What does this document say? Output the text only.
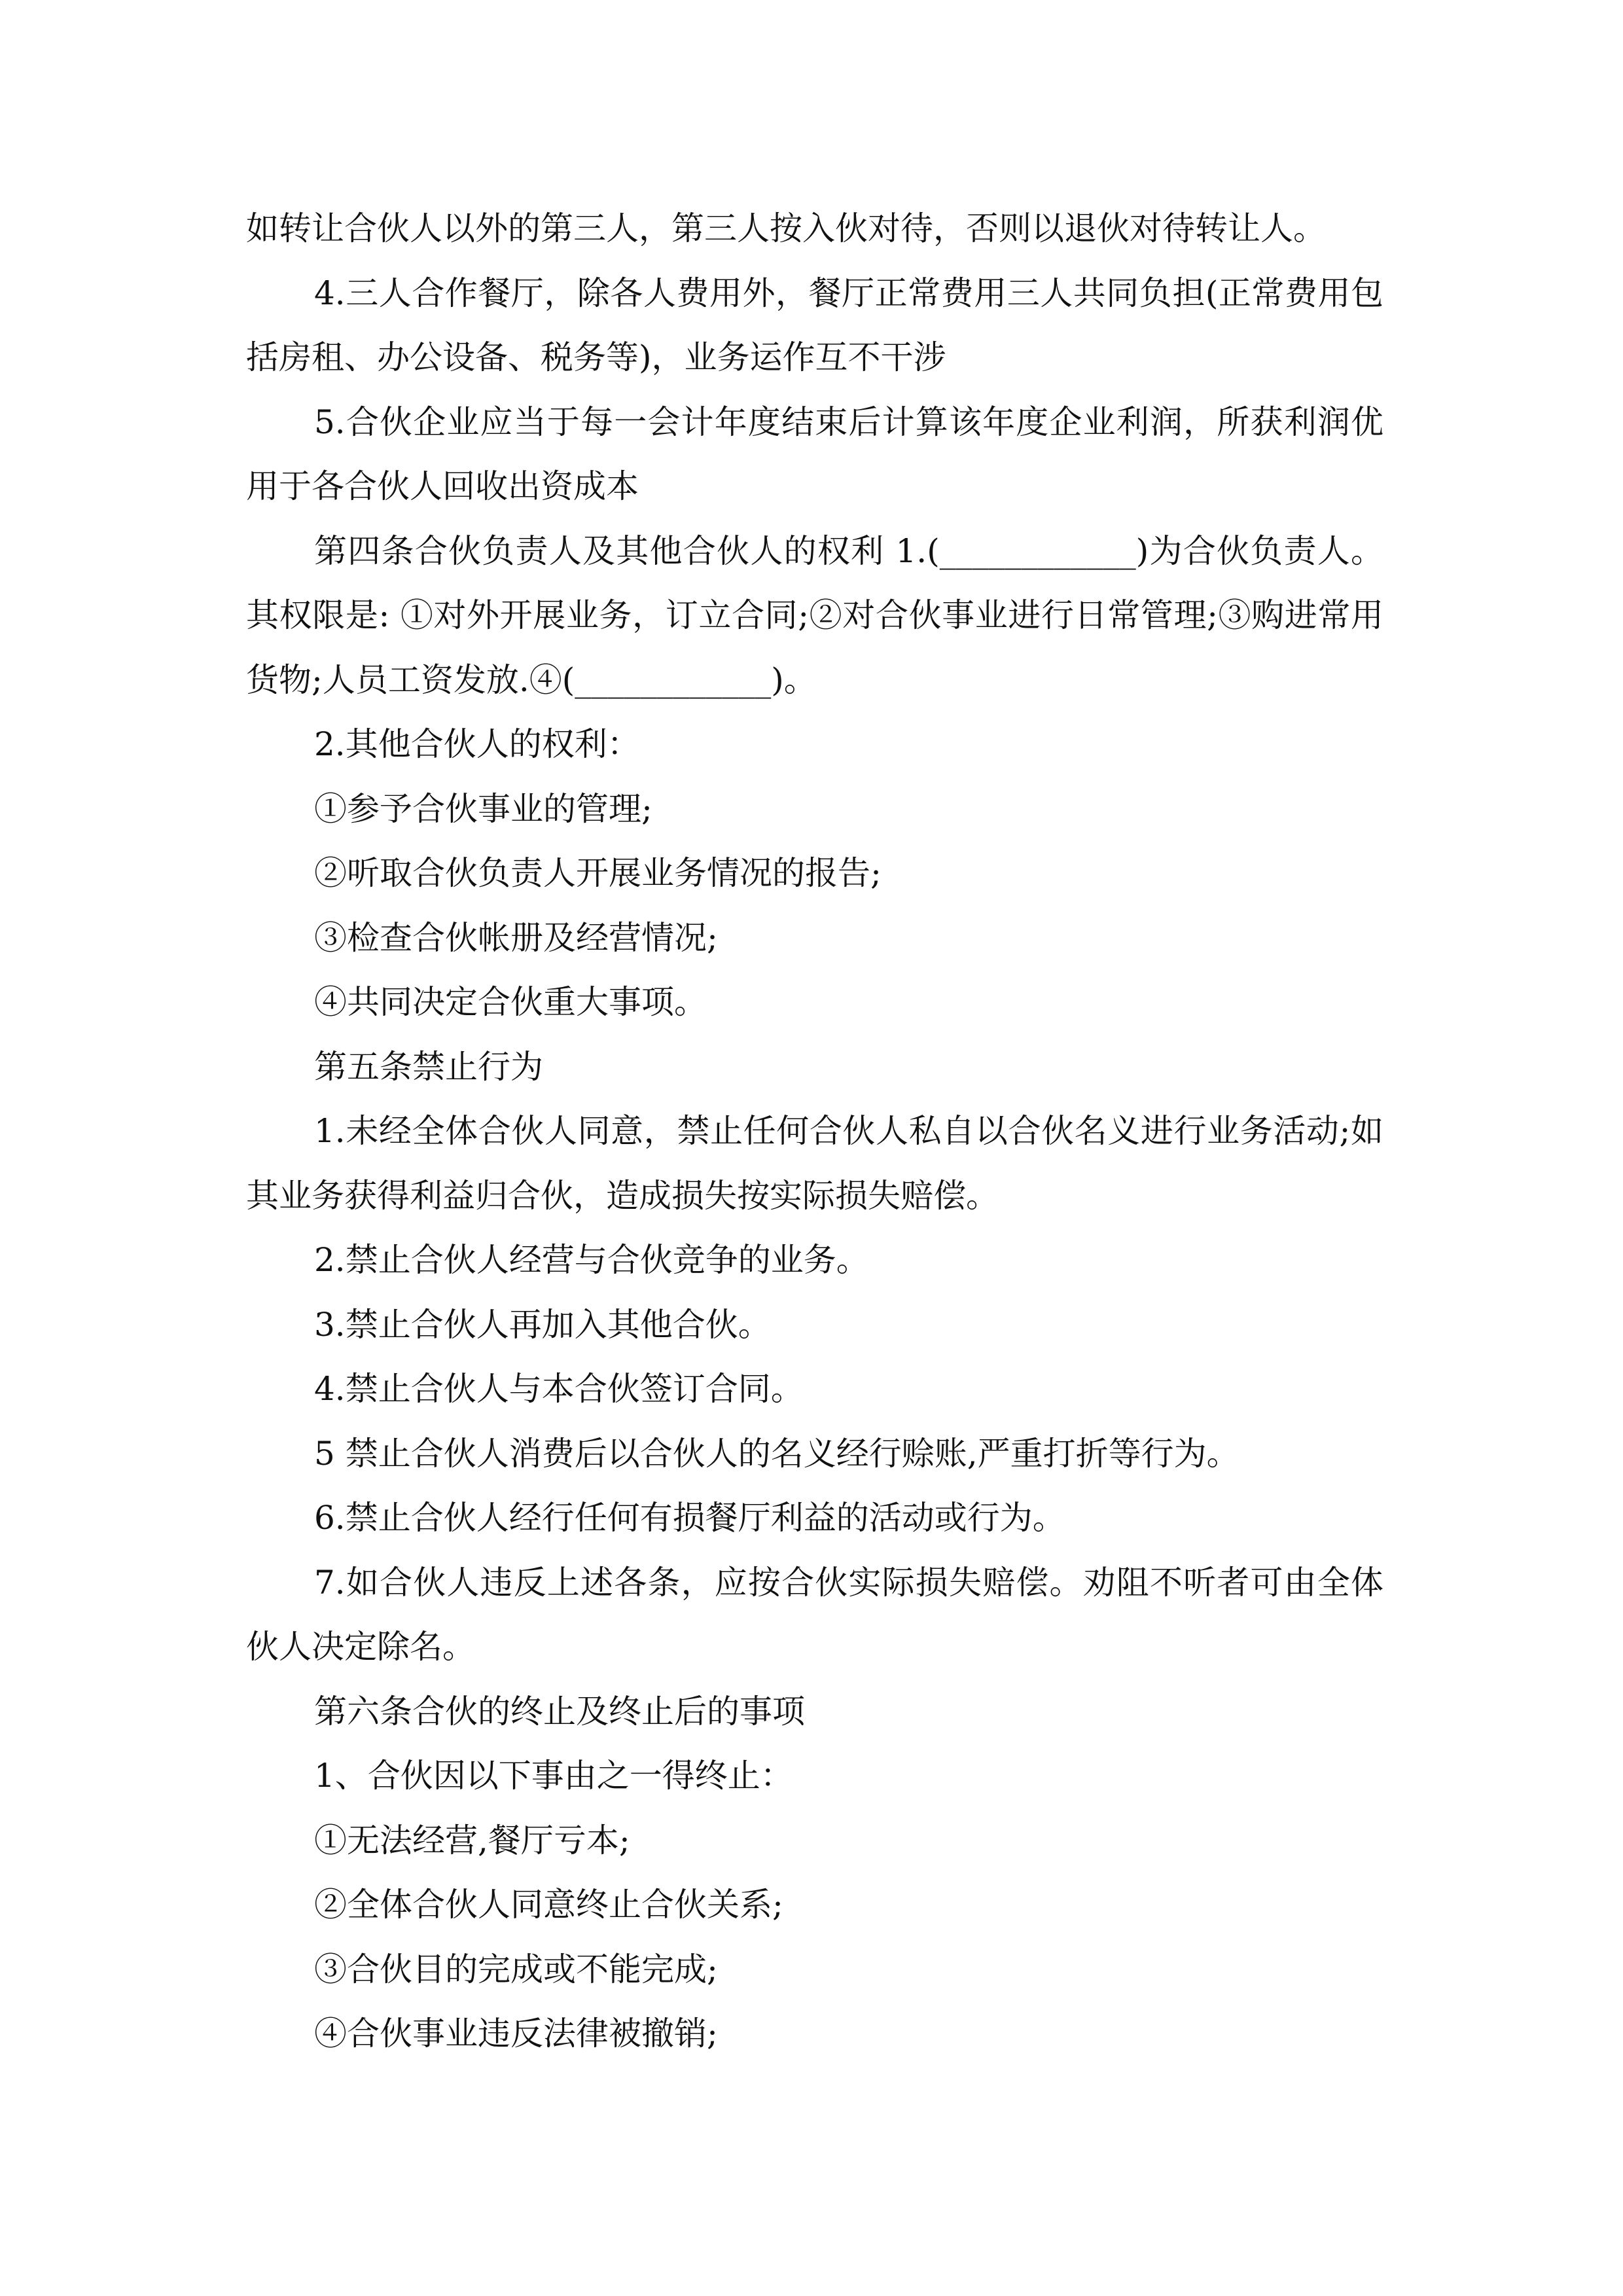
如转让合伙人以外的第三人，第三人按入伙对待，否则以退伙对待转让人。

4.三人合作餐厅，除各人费用外，餐厅正常费用三人共同负担(正常费用包

括房租、办公设备、税务等)，业务运作互不干涉

5.合伙企业应当于每一会计年度结束后计算该年度企业利润，所获利润优

用于各合伙人回收出资成本

第四条合伙负责人及其他合伙人的权利 1.(____________)为合伙负责人。

其权限是: ①对外开展业务，订立合同;②对合伙事业进行日常管理;③购进常用

货物;人员工资发放.④(____________)。

2.其他合伙人的权利：

①参予合伙事业的管理;

②听取合伙负责人开展业务情况的报告;

③检查合伙帐册及经营情况;

④共同决定合伙重大事项。

第五条禁止行为

1.未经全体合伙人同意，禁止任何合伙人私自以合伙名义进行业务活动;如

其业务获得利益归合伙，造成损失按实际损失赔偿。

2.禁止合伙人经营与合伙竞争的业务。

3.禁止合伙人再加入其他合伙。

4.禁止合伙人与本合伙签订合同。

5 禁止合伙人消费后以合伙人的名义经行赊账,严重打折等行为。

6.禁止合伙人经行任何有损餐厅利益的活动或行为。

7.如合伙人违反上述各条，应按合伙实际损失赔偿。劝阻不听者可由全体

伙人决定除名。

第六条合伙的终止及终止后的事项

1、合伙因以下事由之一得终止：

①无法经营,餐厅亏本;

②全体合伙人同意终止合伙关系;

③合伙目的完成或不能完成;

④合伙事业违反法律被撤销;
